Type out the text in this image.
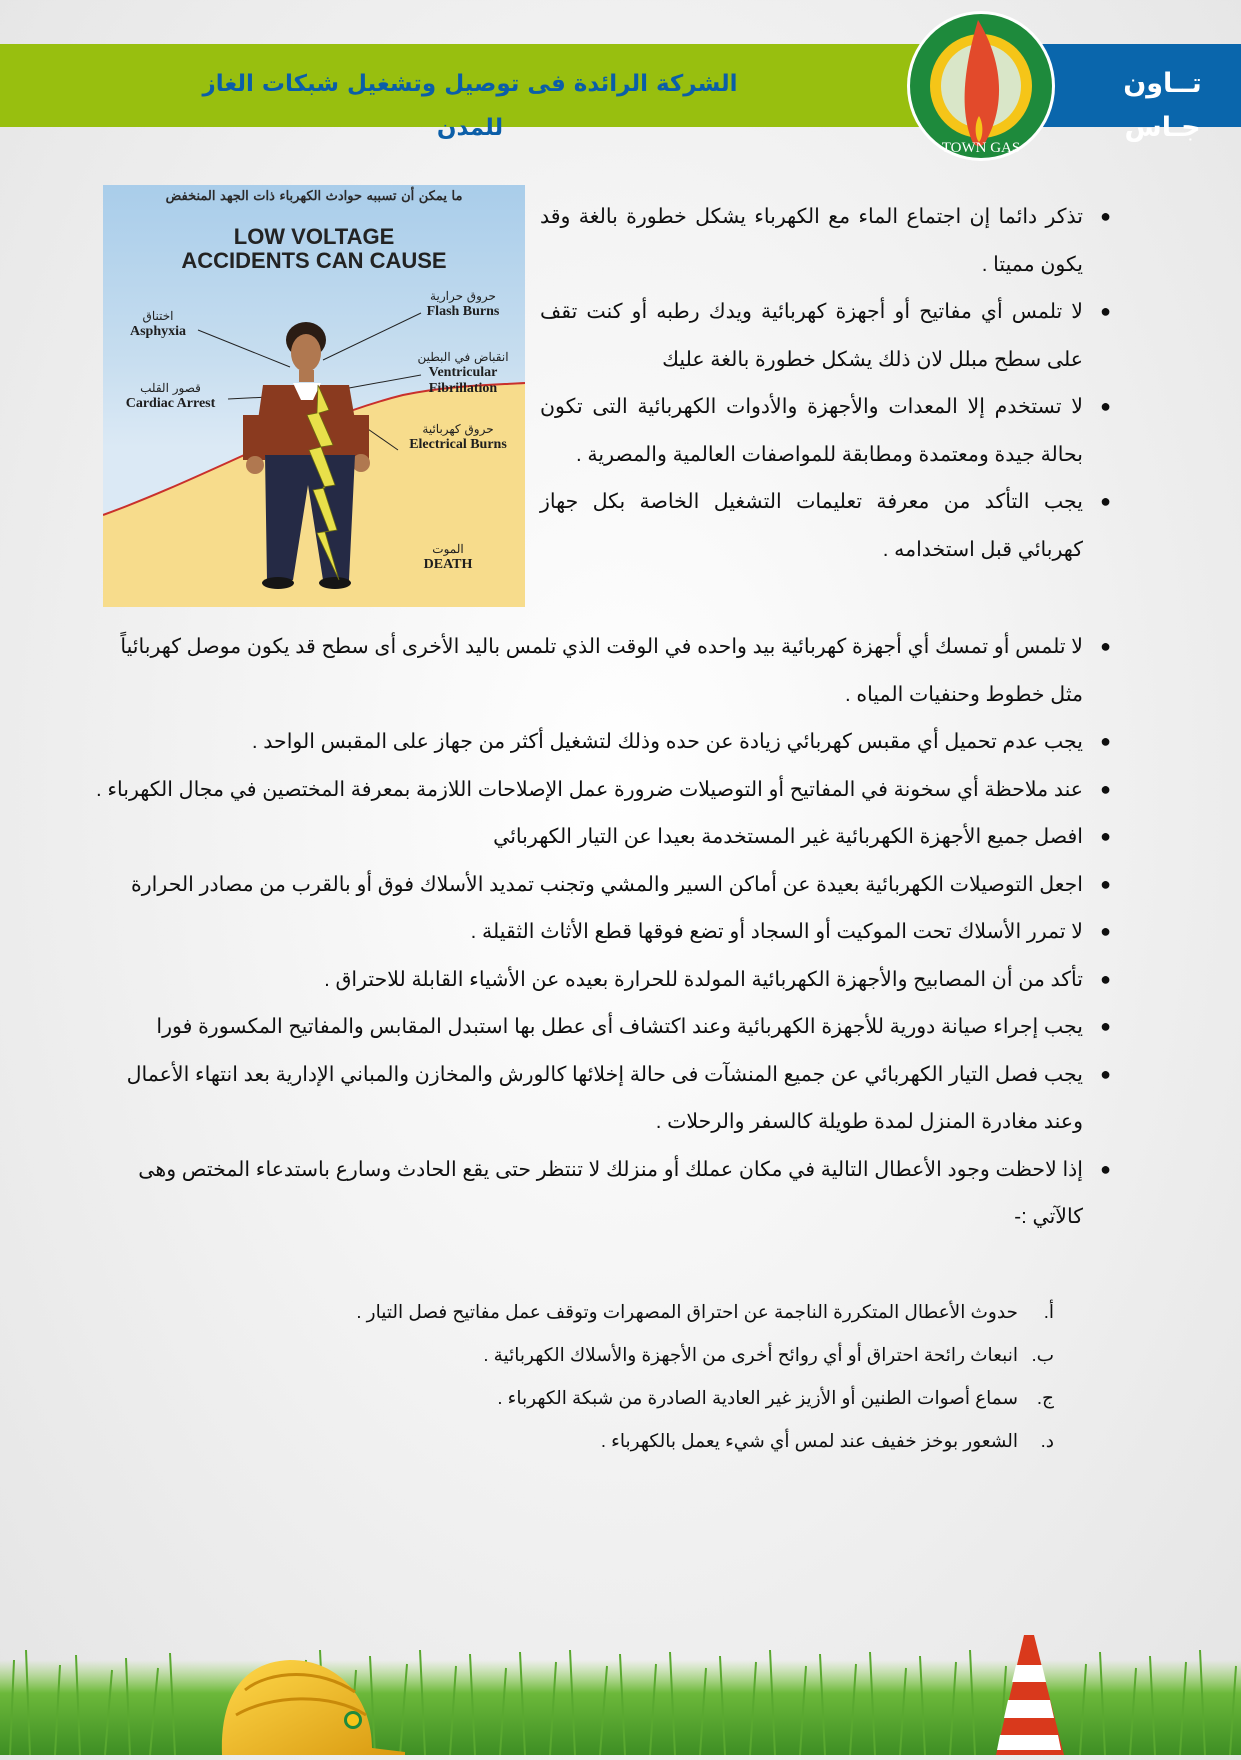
الشركة الرائدة فى توصيل وتشغيل شبكات الغاز للمدن
تــاون جـاس
TOWN GAS
ما يمكن أن تسببه حوادث الكهرباء ذات الجهد المنخفض
LOW VOLTAGE
ACCIDENTS CAN CAUSE
حروق حرارية
Flash Burns
اختناق
Asphyxia
انقباض في البطين
Ventricular Fibrillation
قصور القلب
Cardiac Arrest
حروق كهربائية
Electrical Burns
الموت
DEATH
●
تذكر دائما إن اجتماع الماء مع الكهرباء يشكل خطورة بالغة وقد يكون مميتا .
●
لا تلمس أي مفاتيح أو أجهزة كهربائية ويدك رطبه أو كنت تقف على سطح مبلل لان ذلك يشكل خطورة بالغة عليك
●
لا تستخدم إلا المعدات والأجهزة والأدوات الكهربائية التى تكون بحالة جيدة ومعتمدة ومطابقة للمواصفات العالمية والمصرية .
●
يجب التأكد من معرفة تعليمات التشغيل الخاصة بكل جهاز كهربائي قبل استخدامه .
●
لا تلمس أو تمسك أي أجهزة كهربائية بيد واحده في الوقت الذي تلمس باليد الأخرى أى سطح قد يكون موصل كهربائياً مثل خطوط وحنفيات المياه .
●
يجب عدم تحميل أي مقبس كهربائي زيادة عن حده وذلك لتشغيل أكثر من جهاز على المقبس الواحد .
●
عند ملاحظة أي سخونة في المفاتيح أو التوصيلات ضرورة عمل الإصلاحات اللازمة بمعرفة المختصين في مجال الكهرباء .
●
افصل جميع الأجهزة الكهربائية غير المستخدمة بعيدا عن التيار الكهربائي
●
اجعل التوصيلات الكهربائية بعيدة عن أماكن السير والمشي وتجنب تمديد الأسلاك فوق أو بالقرب من مصادر الحرارة
●
لا تمرر الأسلاك تحت الموكيت أو السجاد أو تضع فوقها قطع الأثاث الثقيلة .
●
تأكد من أن المصابيح والأجهزة الكهربائية المولدة للحرارة بعيده عن الأشياء القابلة للاحتراق .
●
يجب إجراء صيانة دورية للأجهزة الكهربائية وعند اكتشاف أى عطل بها استبدل المقابس والمفاتيح المكسورة فورا
●
يجب فصل التيار الكهربائي عن جميع المنشآت فى حالة إخلائها كالورش والمخازن والمباني الإدارية بعد انتهاء الأعمال وعند مغادرة المنزل لمدة طويلة كالسفر والرحلات .
●
إذا لاحظت وجود الأعطال التالية في مكان عملك أو منزلك لا تنتظر حتى يقع الحادث وسارع باستدعاء المختص وهى كالآتي :-
أ.
حدوث الأعطال المتكررة الناجمة عن احتراق المصهرات وتوقف عمل مفاتيح فصل التيار .
ب.
انبعاث رائحة احتراق أو أي روائح أخرى من الأجهزة والأسلاك الكهربائية .
ج.
سماع أصوات الطنين أو الأزيز غير العادية الصادرة من شبكة الكهرباء .
د.
الشعور بوخز خفيف عند لمس أي شيء يعمل بالكهرباء .
